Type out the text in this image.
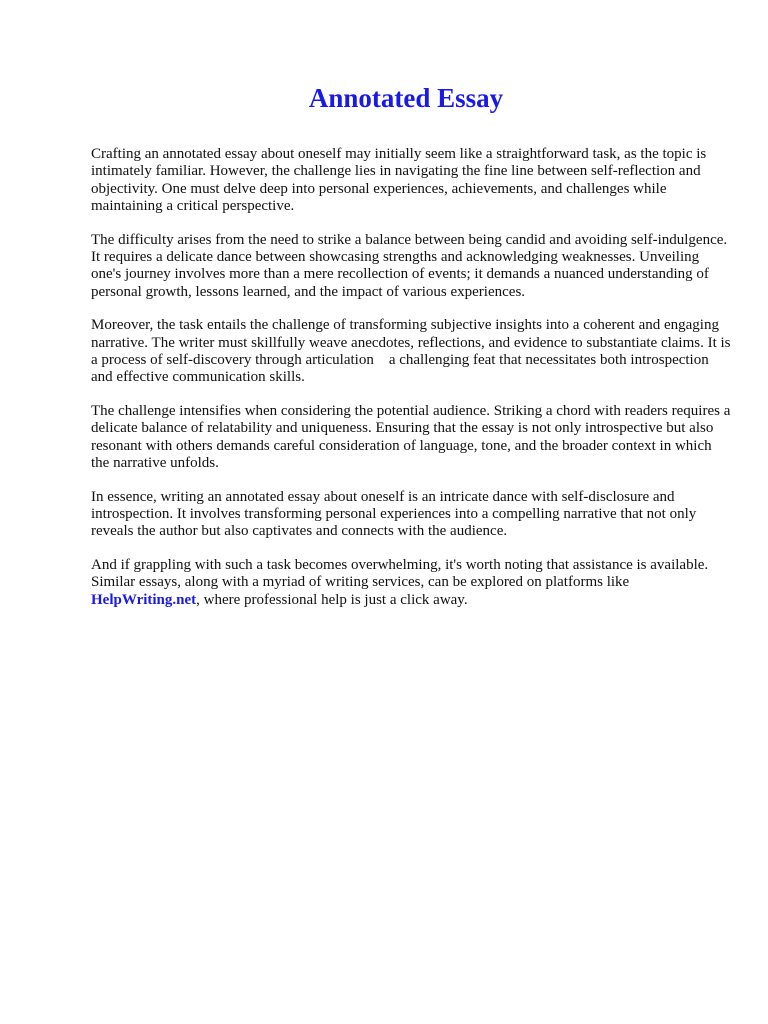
Annotated Essay

Crafting an annotated essay about oneself may initially seem like a straightforward task, as the topic is intimately familiar. However, the challenge lies in navigating the fine line between self-reflection and objectivity. One must delve deep into personal experiences, achievements, and challenges while maintaining a critical perspective.

The difficulty arises from the need to strike a balance between being candid and avoiding self-indulgence. It requires a delicate dance between showcasing strengths and acknowledging weaknesses. Unveiling one's journey involves more than a mere recollection of events; it demands a nuanced understanding of personal growth, lessons learned, and the impact of various experiences.

Moreover, the task entails the challenge of transforming subjective insights into a coherent and engaging narrative. The writer must skillfully weave anecdotes, reflections, and evidence to substantiate claims. It is a process of self-discovery through articulation    a challenging feat that necessitates both introspection and effective communication skills.

The challenge intensifies when considering the potential audience. Striking a chord with readers requires a delicate balance of relatability and uniqueness. Ensuring that the essay is not only introspective but also resonant with others demands careful consideration of language, tone, and the broader context in which the narrative unfolds.

In essence, writing an annotated essay about oneself is an intricate dance with self-disclosure and introspection. It involves transforming personal experiences into a compelling narrative that not only reveals the author but also captivates and connects with the audience.

And if grappling with such a task becomes overwhelming, it's worth noting that assistance is available. Similar essays, along with a myriad of writing services, can be explored on platforms like HelpWriting.net, where professional help is just a click away.
